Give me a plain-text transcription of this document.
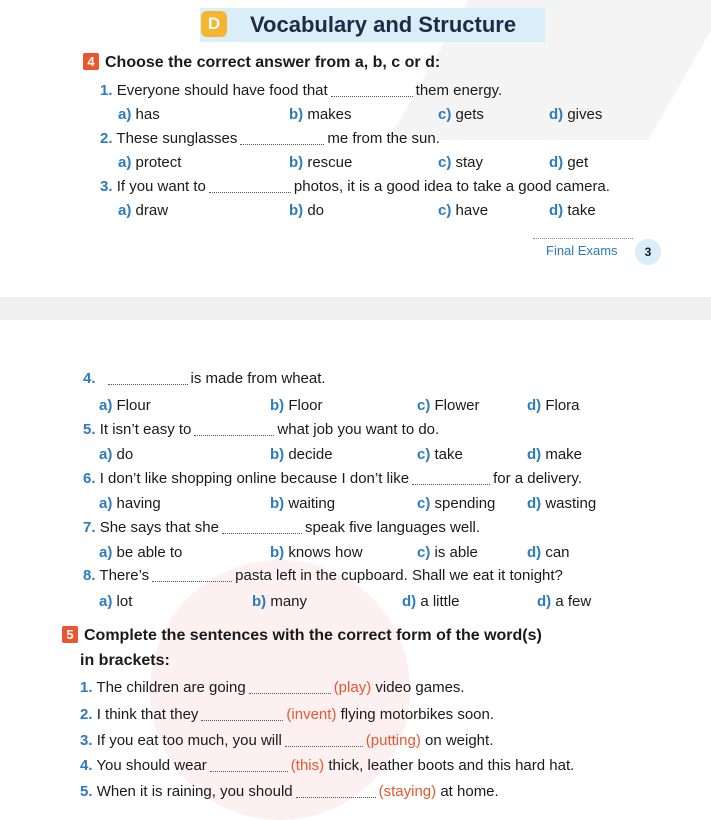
D	Vocabulary and Structure
4 Choose the correct answer from a, b, c or d:
1. Everyone should have food that	them energy.
a) has	b) makes	c) gets	d) gives
2. These sunglasses	me from the sun.
a) protect	b) rescue	c) stay	d) get
3. If you want to	photos, it is a good idea to take a good camera.
a) draw	b) do	c) have	d) take
Final Exams	3
4.	is made from wheat.
a) Flour	b) Floor	c) Flower	d) Flora
5. It isn’t easy to	what job you want to do.
a) do	b) decide	c) take	d) make
6. I don’t like shopping online because I don’t like	for a delivery.
a) having	b) waiting	c) spending d) wasting
7. She says that she	speak five languages well.
a) be able to	b) knows how	c) is able	d) can
8. There’s	pasta left in the cupboard. Shall we eat it tonight?
a) lot	b) many	d) a little	d) a few
5 Complete the sentences with the correct form of the word(s)
in brackets:
1. The children are going	(play) video games.
2. I think that they	(invent) flying motorbikes soon.
3. If you eat too much, you will	(putting) on weight.
4. You should wear	(this) thick, leather boots and this hard hat.
5. When it is raining, you should	(staying) at home.
